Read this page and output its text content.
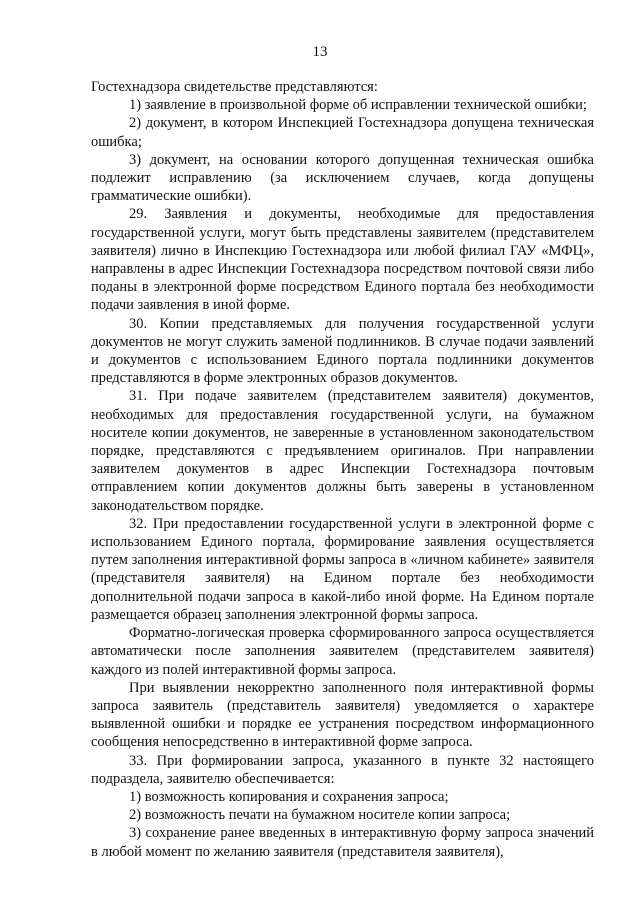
13

Гостехнадзора свидетельстве представляются:

1) заявление в произвольной форме об исправлении технической ошибки;

2) документ, в котором Инспекцией Гостехнадзора допущена техническая ошибка;

3) документ, на основании которого допущенная техническая ошибка подлежит исправлению (за исключением случаев, когда допущены грамматические ошибки).

29. Заявления и документы, необходимые для предоставления государственной услуги, могут быть представлены заявителем (представителем заявителя) лично в Инспекцию Гостехнадзора или любой филиал ГАУ «МФЦ», направлены в адрес Инспекции Гостехнадзора посредством почтовой связи либо поданы в электронной форме посредством Единого портала без необходимости подачи заявления в иной форме.

30. Копии представляемых для получения государственной услуги документов не могут служить заменой подлинников. В случае подачи заявлений и документов с использованием Единого портала подлинники документов представляются в форме электронных образов документов.

31. При подаче заявителем (представителем заявителя) документов, необходимых для предоставления государственной услуги, на бумажном носителе копии документов, не заверенные в установленном законодательством порядке, представляются с предъявлением оригиналов. При направлении заявителем документов в адрес Инспекции Гостехнадзора почтовым отправлением копии документов должны быть заверены в установленном законодательством порядке.

32. При предоставлении государственной услуги в электронной форме с использованием Единого портала, формирование заявления осуществляется путем заполнения интерактивной формы запроса в «личном кабинете» заявителя (представителя заявителя) на Едином портале без необходимости дополнительной подачи запроса в какой-либо иной форме. На Едином портале размещается образец заполнения электронной формы запроса.

Форматно-логическая проверка сформированного запроса осуществляется автоматически после заполнения заявителем (представителем заявителя) каждого из полей интерактивной формы запроса.

При выявлении некорректно заполненного поля интерактивной формы запроса заявитель (представитель заявителя) уведомляется о характере выявленной ошибки и порядке ее устранения посредством информационного сообщения непосредственно в интерактивной форме запроса.

33. При формировании запроса, указанного в пункте 32 настоящего подраздела, заявителю обеспечивается:

1) возможность копирования и сохранения запроса;

2) возможность печати на бумажном носителе копии запроса;

3) сохранение ранее введенных в интерактивную форму запроса значений в любой момент по желанию заявителя (представителя заявителя),
